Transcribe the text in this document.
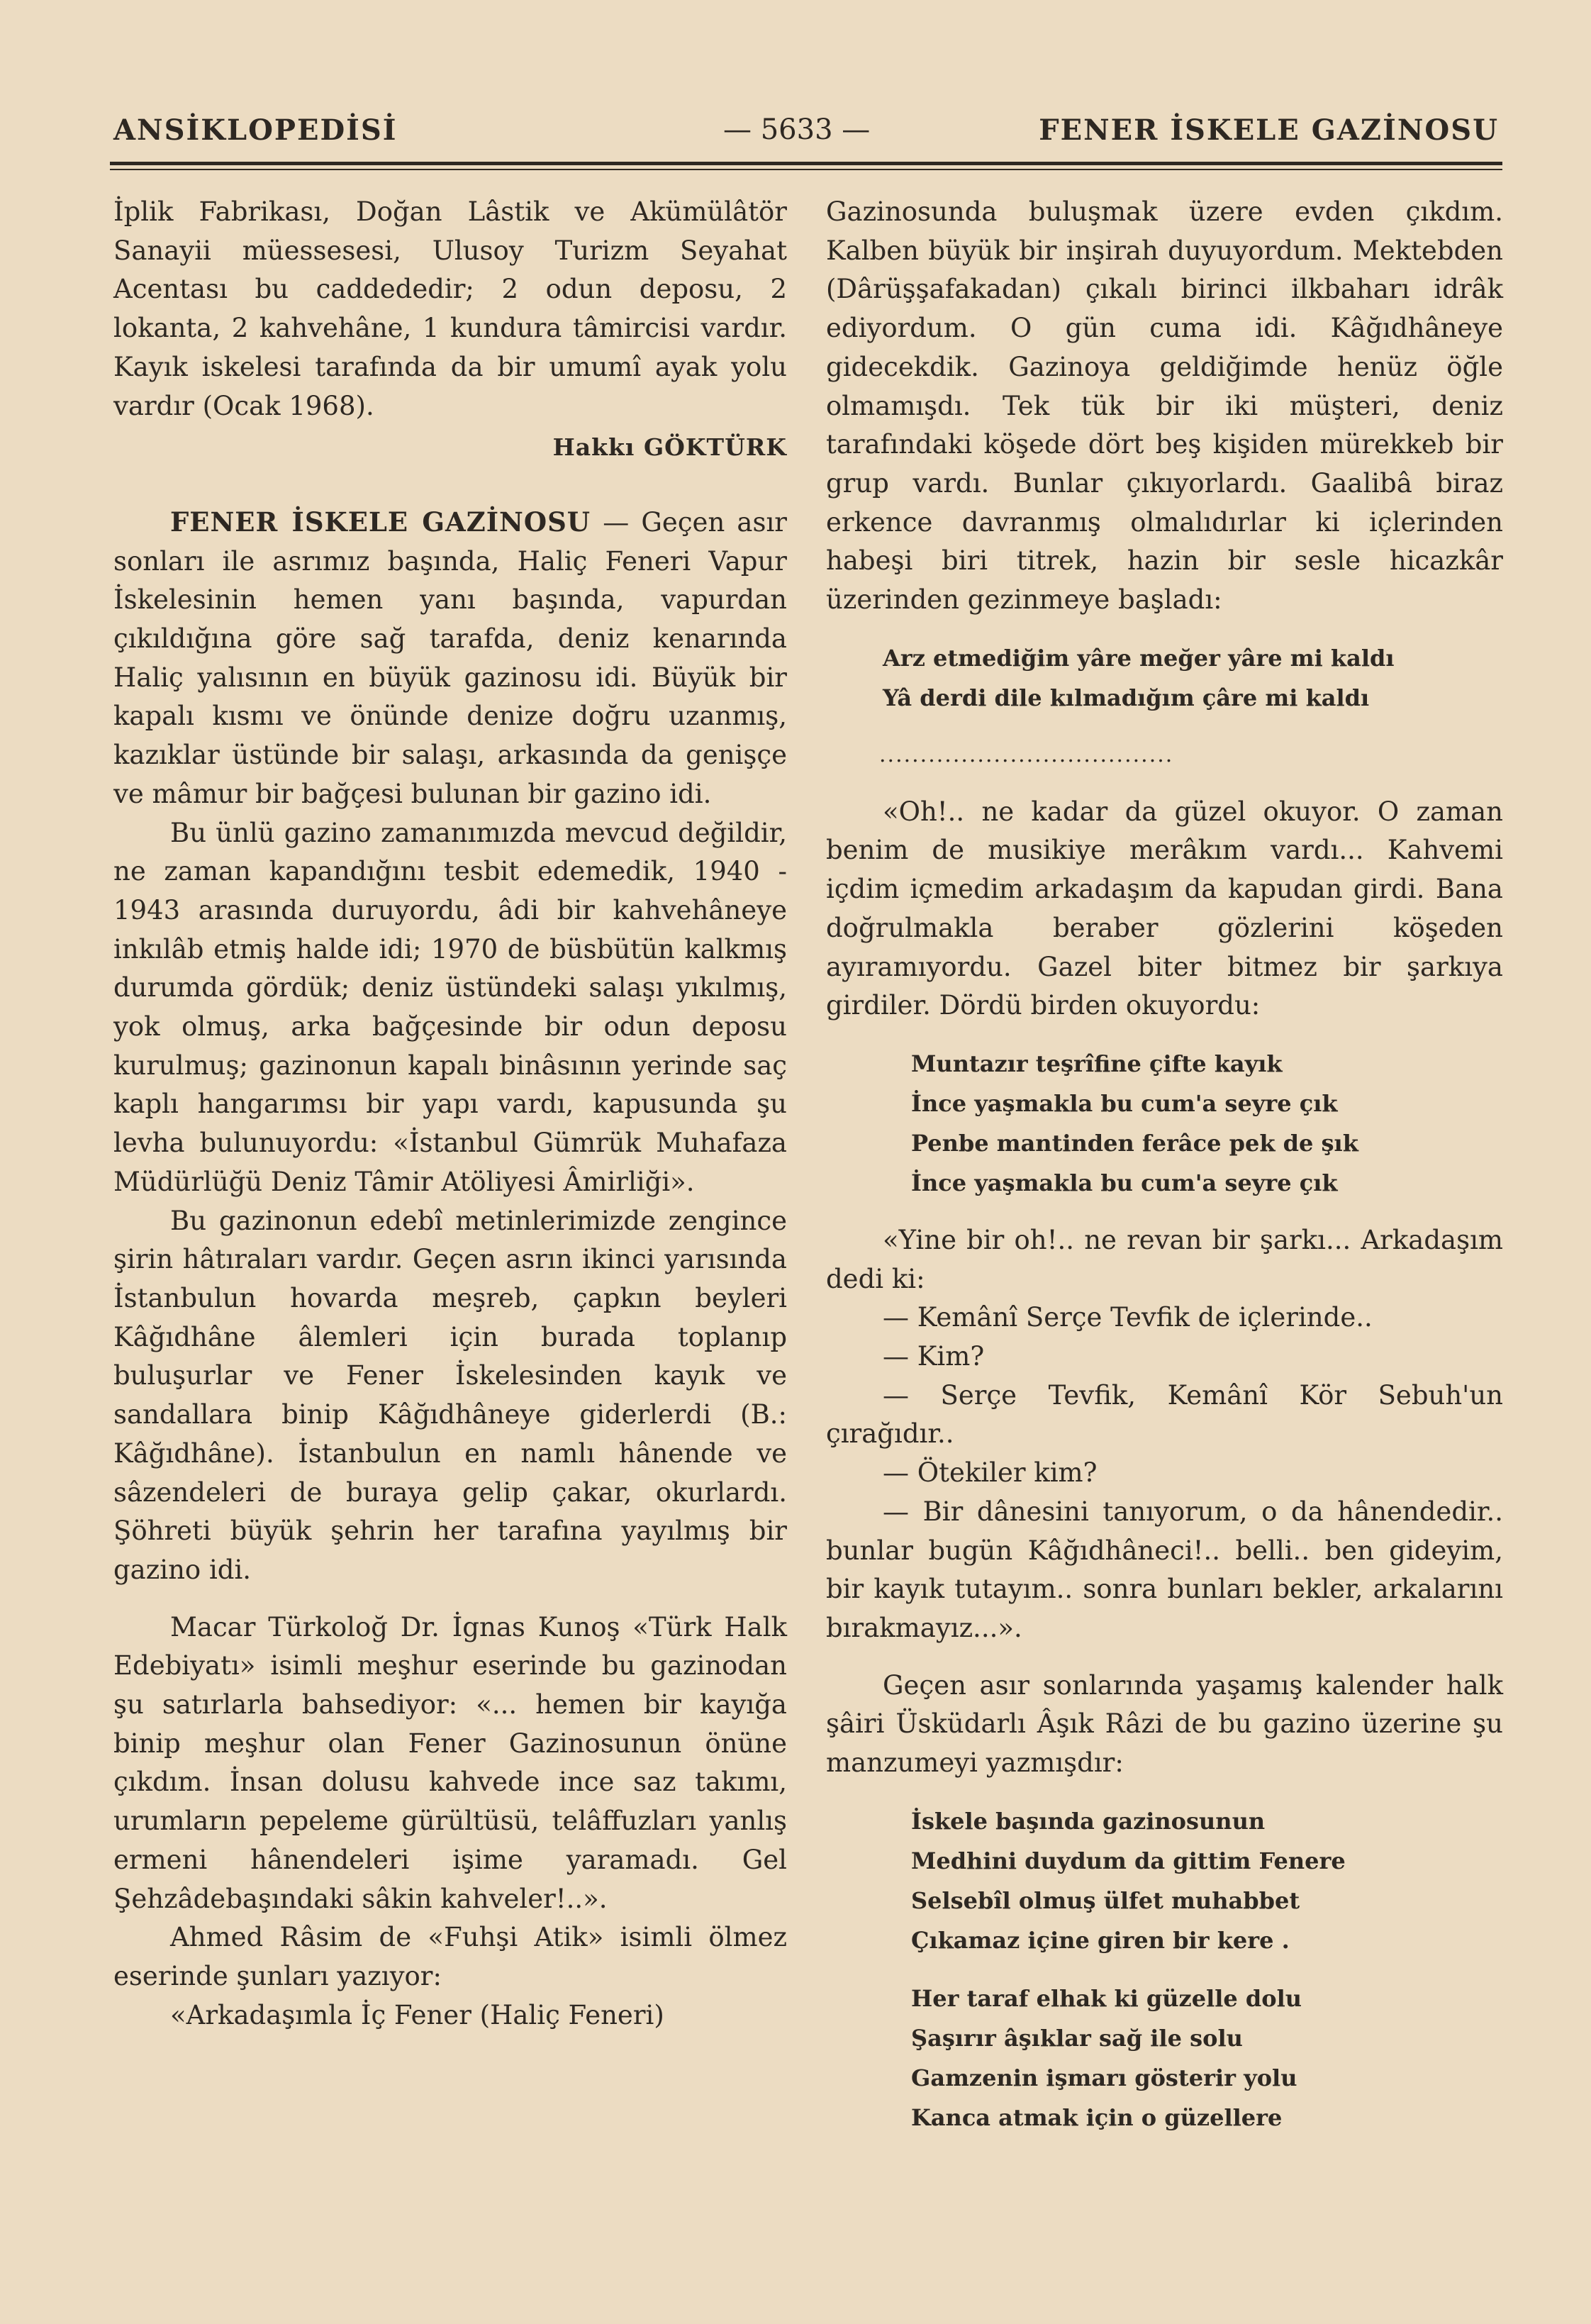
ANSİKLOPEDİSİ	— 5633 —	FENER İSKELE GAZİNOSU

İplik Fabrikası, Doğan Lâstik ve Akümülâtör Sanayii müessesesi, Ulusoy Turizm Seyahat Acentası bu caddededir; 2 odun deposu, 2 lokanta, 2 kahvehâne, 1 kundura tâmircisi vardır. Kayık iskelesi tarafında da bir umumî ayak yolu vardır (Ocak 1968).

Hakkı GÖKTÜRK

FENER İSKELE GAZİNOSU — Geçen asır sonları ile asrımız başında, Haliç Feneri Vapur İskelesinin hemen yanı başında, vapurdan çıkıldığına göre sağ tarafda, deniz kenarında Haliç yalısının en büyük gazinosu idi. Büyük bir kapalı kısmı ve önünde denize doğru uzanmış, kazıklar üstünde bir salaşı, arkasında da genişçe ve mâmur bir bağçesi bulunan bir gazino idi.

Bu ünlü gazino zamanımızda mevcud değildir, ne zaman kapandığını tesbit edemedik, 1940 - 1943 arasında duruyordu, âdi bir kahvehâneye inkılâb etmiş halde idi; 1970 de büsbütün kalkmış durumda gördük; deniz üstündeki salaşı yıkılmış, yok olmuş, arka bağçesinde bir odun deposu kurulmuş; gazinonun kapalı binâsının yerinde saç kaplı hangarımsı bir yapı vardı, kapusunda şu levha bulunuyordu: «İstanbul Gümrük Muhafaza Müdürlüğü Deniz Tâmir Atöliyesi Âmirliği».

Bu gazinonun edebî metinlerimizde zengince şirin hâtıraları vardır. Geçen asrın ikinci yarısında İstanbulun hovarda meşreb, çapkın beyleri Kâğıdhâne âlemleri için burada toplanıp buluşurlar ve Fener İskelesinden kayık ve sandallara binip Kâğıdhâneye giderlerdi (B.: Kâğıdhâne). İstanbulun en namlı hânende ve sâzendeleri de buraya gelip çakar, okurlardı. Şöhreti büyük şehrin her tarafına yayılmış bir gazino idi.

Macar Türkoloğ Dr. İgnas Kunoş «Türk Halk Edebiyatı» isimli meşhur eserinde bu gazinodan şu satırlarla bahsediyor: «... hemen bir kayığa binip meşhur olan Fener Gazinosunun önüne çıkdım. İnsan dolusu kahvede ince saz takımı, urumların pepeleme gürültüsü, telâffuzları yanlış ermeni hânendeleri işime yaramadı. Gel Şehzâdebaşındaki sâkin kahveler!..».

Ahmed Râsim de «Fuhşi Atik» isimli ölmez eserinde şunları yazıyor:

«Arkadaşımla İç Fener (Haliç Feneri)

Gazinosunda buluşmak üzere evden çıkdım. Kalben büyük bir inşirah duyuyordum. Mektebden (Dârüşşafakadan) çıkalı birinci ilkbaharı idrâk ediyordum. O gün cuma idi. Kâğıdhâneye gidecekdik. Gazinoya geldiğimde henüz öğle olmamışdı. Tek tük bir iki müşteri, deniz tarafındaki köşede dört beş kişiden mürekkeb bir grup vardı. Bunlar çıkıyorlardı. Gaalibâ biraz erkence davranmış olmalıdırlar ki içlerinden habeşi biri titrek, hazin bir sesle hicazkâr üzerinden gezinmeye başladı:

Arz etmediğim yâre meğer yâre mi kaldı
Yâ derdi dile kılmadığım çâre mi kaldı

....................................

«Oh!.. ne kadar da güzel okuyor. O zaman benim de musikiye merâkım vardı... Kahvemi içdim içmedim arkadaşım da kapudan girdi. Bana doğrulmakla beraber gözlerini köşeden ayıramıyordu. Gazel biter bitmez bir şarkıya girdiler. Dördü birden okuyordu:

Muntazır teşrîfine çifte kayık
İnce yaşmakla bu cum'a seyre çık
Penbe mantinden ferâce pek de şık
İnce yaşmakla bu cum'a seyre çık

«Yine bir oh!.. ne revan bir şarkı... Arkadaşım dedi ki:

— Kemânî Serçe Tevfik de içlerinde..

— Kim?

— Serçe Tevfik, Kemânî Kör Sebuh'un çırağıdır..

— Ötekiler kim?

— Bir dânesini tanıyorum, o da hânendedir.. bunlar bugün Kâğıdhâneci!.. belli.. ben gideyim, bir kayık tutayım.. sonra bunları bekler, arkalarını bırakmayız...».

Geçen asır sonlarında yaşamış kalender halk şâiri Üsküdarlı Âşık Râzi de bu gazino üzerine şu manzumeyi yazmışdır:

İskele başında gazinosunun
Medhini duydum da gittim Fenere
Selsebîl olmuş ülfet muhabbet
Çıkamaz içine giren bir kere .
Her taraf elhak ki güzelle dolu
Şaşırır âşıklar sağ ile solu
Gamzenin işmarı gösterir yolu
Kanca atmak için o güzellere
